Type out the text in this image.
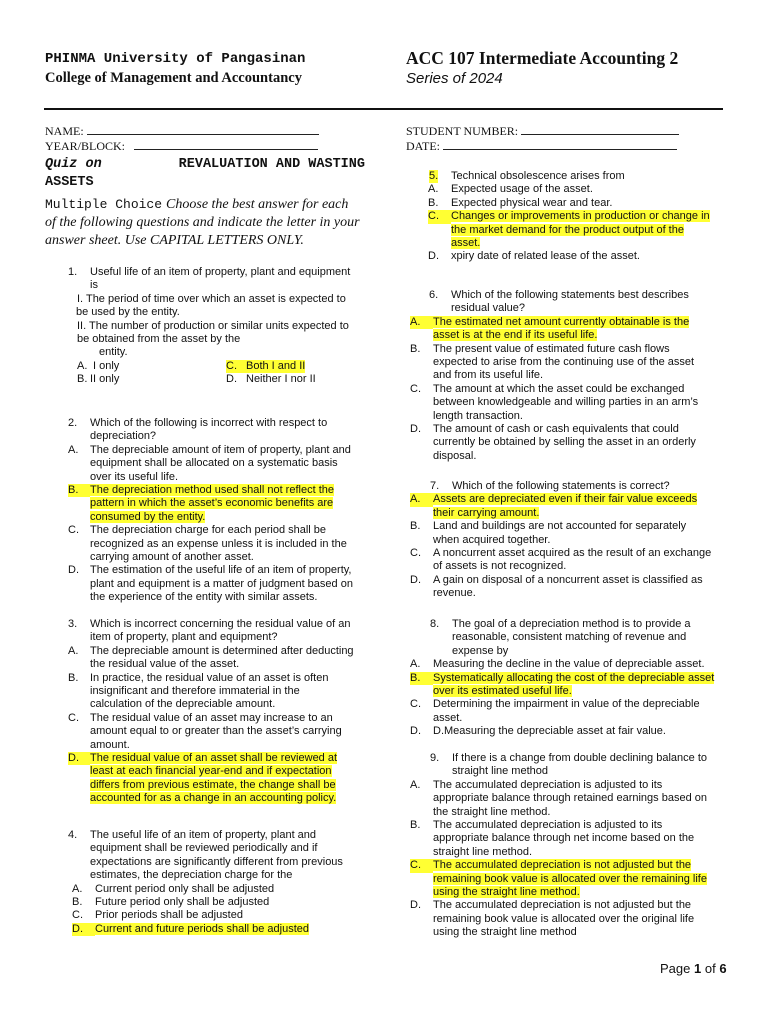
PHINMA University of Pangasinan
College of Management and Accountancy
ACC 107 Intermediate Accounting 2
Series of 2024
NAME:
YEAR/BLOCK:
STUDENT NUMBER:
DATE:
Quiz on	REVALUATION AND WASTING
ASSETS
Multiple Choice Choose the best answer for each
of the following questions and indicate the letter in your
answer sheet. Use CAPITAL LETTERS ONLY.
1. Useful life of an item of property, plant and equipment
is
I. The period of time over which an asset is expected to
be used by the entity.
II. The number of production or similar units expected to
be obtained from the asset by the
entity.
A. I only	C. Both I and II
B. II only	D. Neither I nor II
2. Which of the following is incorrect with respect to
depreciation?
A. The depreciable amount of item of property, plant and
equipment shall be allocated on a systematic basis
over its useful life.
B. The depreciation method used shall not reflect the
pattern in which the asset’s economic benefits are
consumed by the entity.
C. The depreciation charge for each period shall be
recognized as an expense unless it is included in the
carrying amount of another asset.
D. The estimation of the useful life of an item of property,
plant and equipment is a matter of judgment based on
the experience of the entity with similar assets.
3. Which is incorrect concerning the residual value of an
item of property, plant and equipment?
A. The depreciable amount is determined after deducting
the residual value of the asset.
B. In practice, the residual value of an asset is often
insignificant and therefore immaterial in the
calculation of the depreciable amount.
C. The residual value of an asset may increase to an
amount equal to or greater than the asset’s carrying
amount.
D. The residual value of an asset shall be reviewed at
least at each financial year-end and if expectation
differs from previous estimate, the change shall be
accounted for as a change in an accounting policy.
4. The useful life of an item of property, plant and
equipment shall be reviewed periodically and if
expectations are significantly different from previous
estimates, the depreciation charge for the
A. Current period only shall be adjusted
B. Future period only shall be adjusted
C. Prior periods shall be adjusted
D. Current and future periods shall be adjusted
5. Technical obsolescence arises from
A. Expected usage of the asset.
B. Expected physical wear and tear.
C. Changes or improvements in production or change in
the market demand for the product output of the
asset.
D. xpiry date of related lease of the asset.
6. Which of the following statements best describes
residual value?
A. The estimated net amount currently obtainable is the
asset is at the end if its useful life.
B. The present value of estimated future cash flows
expected to arise from the continuing use of the asset
and from its useful life.
C. The amount at which the asset could be exchanged
between knowledgeable and willing parties in an arm’s
length transaction.
D. The amount of cash or cash equivalents that could
currently be obtained by selling the asset in an orderly
disposal.
7. Which of the following statements is correct?
A. Assets are depreciated even if their fair value exceeds
their carrying amount.
B. Land and buildings are not accounted for separately
when acquired together.
C. A noncurrent asset acquired as the result of an exchange
of assets is not recognized.
D. A gain on disposal of a noncurrent asset is classified as
revenue.
8. The goal of a depreciation method is to provide a
reasonable, consistent matching of revenue and
expense by
A. Measuring the decline in the value of depreciable asset.
B. Systematically allocating the cost of the depreciable asset
over its estimated useful life.
C. Determining the impairment in value of the depreciable
asset.
D. D.Measuring the depreciable asset at fair value.
9. If there is a change from double declining balance to
straight line method
A. The accumulated depreciation is adjusted to its
appropriate balance through retained earnings based on
the straight line method.
B. The accumulated depreciation is adjusted to its
appropriate balance through net income based on the
straight line method.
C. The accumulated depreciation is not adjusted but the
remaining book value is allocated over the remaining life
using the straight line method.
D. The accumulated depreciation is not adjusted but the
remaining book value is allocated over the original life
using the straight line method
Page 1 of 6
